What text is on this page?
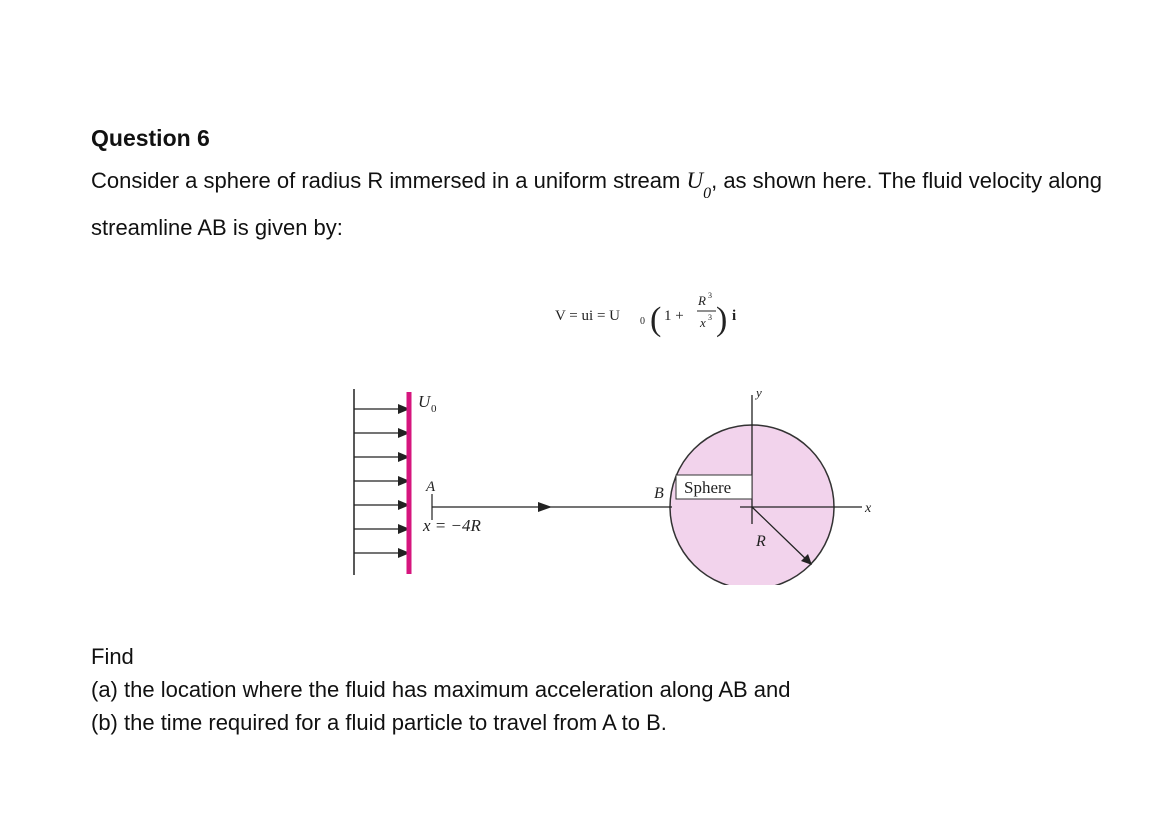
Question 6
Consider a sphere of radius R immersed in a uniform stream $U_0$, as shown here. The fluid velocity along streamline AB is given by:
V = ui = U 0 ( 1 +
R 3
x 3 ) i
U 0
y
x
R
Sphere
B
A
x = −4R
Find
(a) the location where the fluid has maximum acceleration along AB and
(b) the time required for a fluid particle to travel from A to B.
